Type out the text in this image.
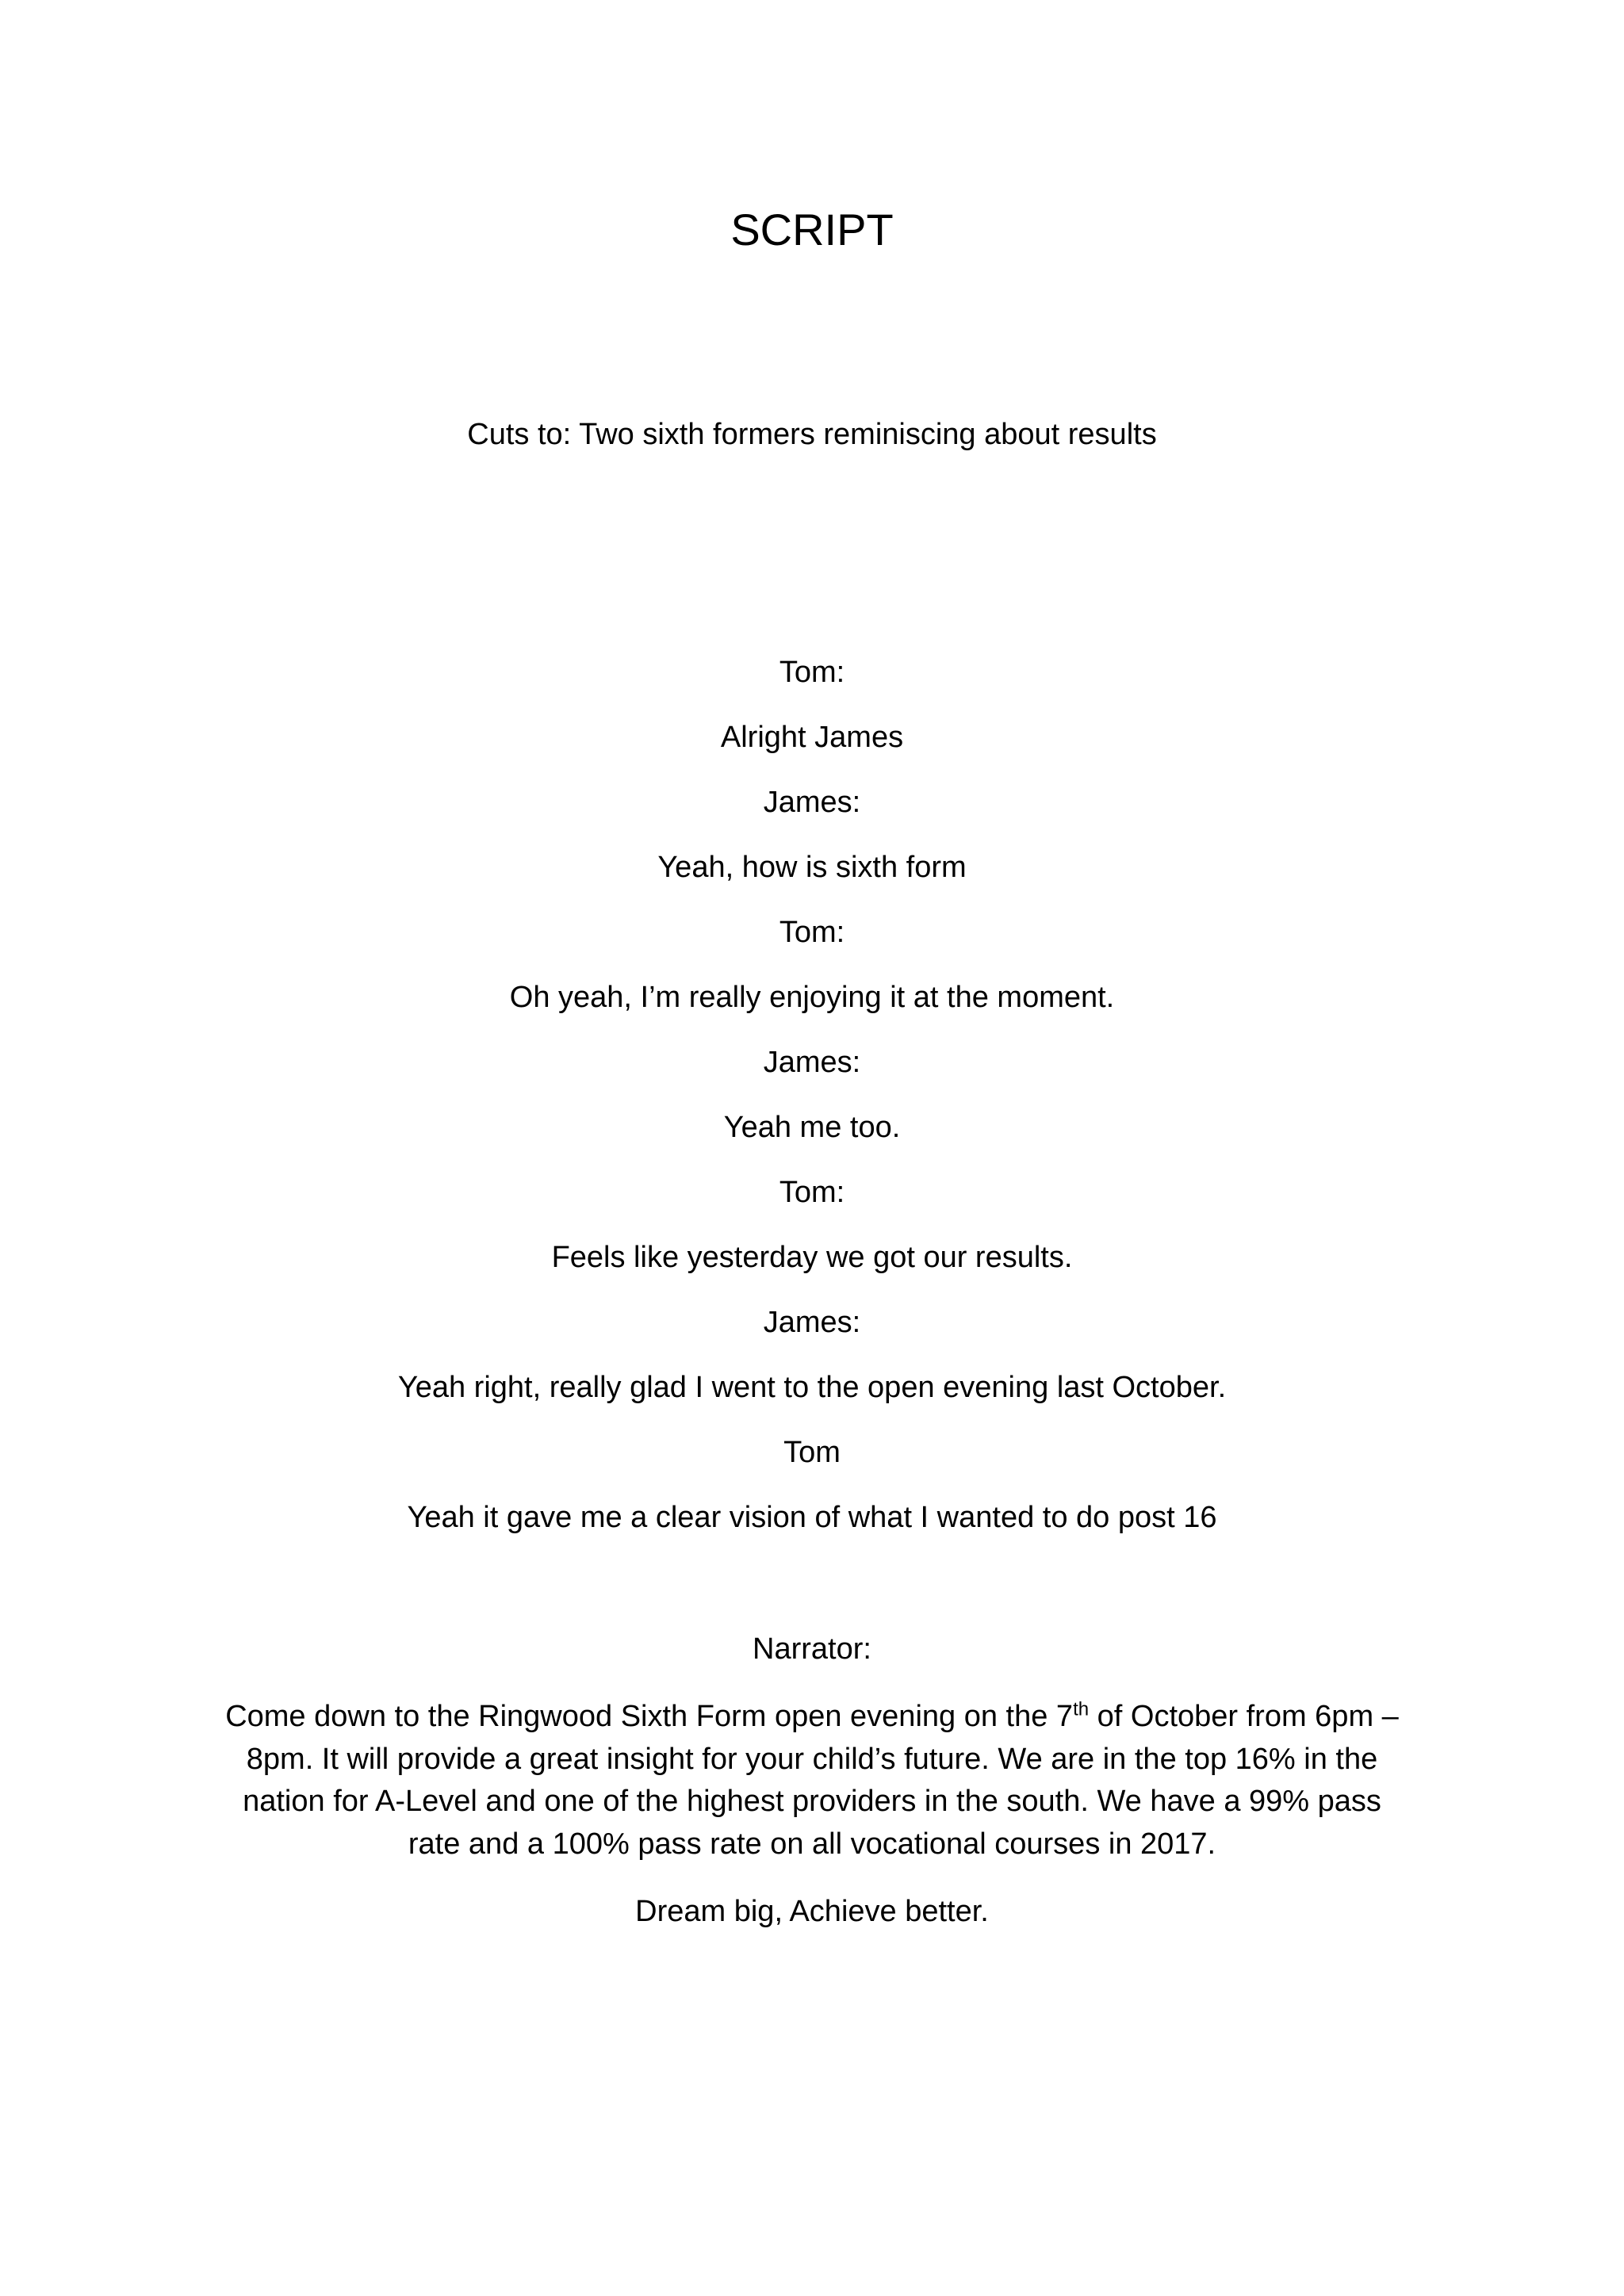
SCRIPT
Cuts to: Two sixth formers reminiscing about results
Tom:
Alright James
James:
Yeah, how is sixth form
Tom:
Oh yeah, I’m really enjoying it at the moment.
James:
Yeah me too.
Tom:
Feels like yesterday we got our results.
James:
Yeah right, really glad I went to the open evening last October.
Tom
Yeah it gave me a clear vision of what I wanted to do post 16
Narrator:
Come down to the Ringwood Sixth Form open evening on the 7th of October from 6pm – 8pm. It will provide a great insight for your child’s future. We are in the top 16% in the nation for A-Level and one of the highest providers in the south. We have a 99% pass rate and a 100% pass rate on all vocational courses in 2017.
Dream big, Achieve better.
